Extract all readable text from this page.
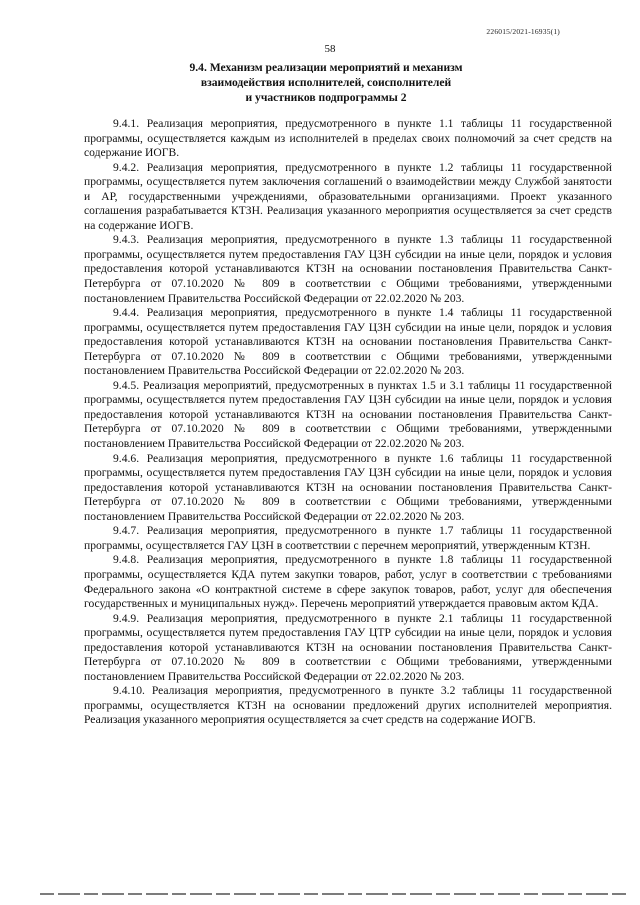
226015/2021-16935(1)
58
9.4. Механизм реализации мероприятий и механизм
взаимодействия исполнителей, соисполнителей
и участников подпрограммы 2

9.4.1. Реализация мероприятия, предусмотренного в пункте 1.1 таблицы 11 государственной программы, осуществляется каждым из исполнителей в пределах своих полномочий за счет средств на содержание ИОГВ.

9.4.2. Реализация мероприятия, предусмотренного в пункте 1.2 таблицы 11 государственной программы, осуществляется путем заключения соглашений о взаимодействии между Службой занятости и АР, государственными учреждениями, образовательными организациями. Проект указанного соглашения разрабатывается КТЗН. Реализация указанного мероприятия осуществляется за счет средств на содержание ИОГВ.

9.4.3. Реализация мероприятия, предусмотренного в пункте 1.3 таблицы 11 государственной программы, осуществляется путем предоставления ГАУ ЦЗН субсидии на иные цели, порядок и условия предоставления которой устанавливаются КТЗН на основании постановления Правительства Санкт-Петербурга от 07.10.2020 № 809 в соответствии с Общими требованиями, утвержденными постановлением Правительства Российской Федерации от 22.02.2020 № 203.

9.4.4. Реализация мероприятия, предусмотренного в пункте 1.4 таблицы 11 государственной программы, осуществляется путем предоставления ГАУ ЦЗН субсидии на иные цели, порядок и условия предоставления которой устанавливаются КТЗН на основании постановления Правительства Санкт-Петербурга от 07.10.2020 № 809 в соответствии с Общими требованиями, утвержденными постановлением Правительства Российской Федерации от 22.02.2020 № 203.

9.4.5. Реализация мероприятий, предусмотренных в пунктах 1.5 и 3.1 таблицы 11 государственной программы, осуществляется путем предоставления ГАУ ЦЗН субсидии на иные цели, порядок и условия предоставления которой устанавливаются КТЗН на основании постановления Правительства Санкт-Петербурга от 07.10.2020 № 809 в соответствии с Общими требованиями, утвержденными постановлением Правительства Российской Федерации от 22.02.2020 № 203.

9.4.6. Реализация мероприятия, предусмотренного в пункте 1.6 таблицы 11 государственной программы, осуществляется путем предоставления ГАУ ЦЗН субсидии на иные цели, порядок и условия предоставления которой устанавливаются КТЗН на основании постановления Правительства Санкт-Петербурга от 07.10.2020 № 809 в соответствии с Общими требованиями, утвержденными постановлением Правительства Российской Федерации от 22.02.2020 № 203.

9.4.7. Реализация мероприятия, предусмотренного в пункте 1.7 таблицы 11 государственной программы, осуществляется ГАУ ЦЗН в соответствии с перечнем мероприятий, утвержденным КТЗН.

9.4.8. Реализация мероприятия, предусмотренного в пункте 1.8 таблицы 11 государственной программы, осуществляется КДА путем закупки товаров, работ, услуг в соответствии с требованиями Федерального закона «О контрактной системе в сфере закупок товаров, работ, услуг для обеспечения государственных и муниципальных нужд». Перечень мероприятий утверждается правовым актом КДА.

9.4.9. Реализация мероприятия, предусмотренного в пункте 2.1 таблицы 11 государственной программы, осуществляется путем предоставления ГАУ ЦТР субсидии на иные цели, порядок и условия предоставления которой устанавливаются КТЗН на основании постановления Правительства Санкт-Петербурга от 07.10.2020 № 809 в соответствии с Общими требованиями, утвержденными постановлением Правительства Российской Федерации от 22.02.2020 № 203.

9.4.10. Реализация мероприятия, предусмотренного в пункте 3.2 таблицы 11 государственной программы, осуществляется КТЗН на основании предложений других исполнителей мероприятия. Реализация указанного мероприятия осуществляется за счет средств на содержание ИОГВ.
